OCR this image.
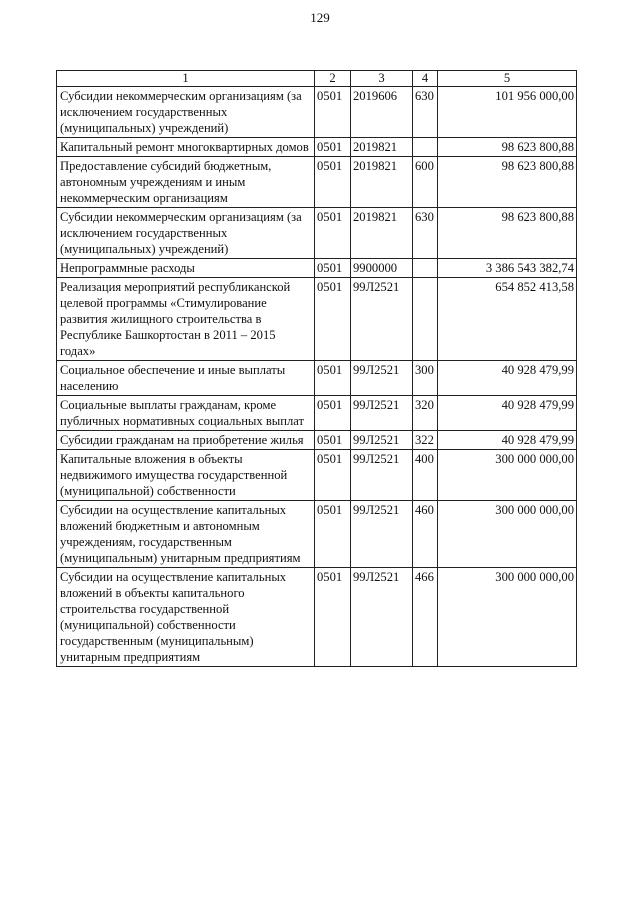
129
1	2	3	4	5
Субсидии некоммерческим организациям (за исключением государственных (муниципальных) учреждений)	0501	2019606	630	101 956 000,00
Капитальный ремонт многоквартирных домов	0501	2019821		98 623 800,88
Предоставление субсидий бюджетным, автономным учреждениям и иным некоммерческим организациям	0501	2019821	600	98 623 800,88
Субсидии некоммерческим организациям (за исключением государственных (муниципальных) учреждений)	0501	2019821	630	98 623 800,88
Непрограммные расходы	0501	9900000		3 386 543 382,74
Реализация мероприятий республиканской целевой программы «Стимулирование развития жилищного строительства в Республике Башкортостан в 2011 – 2015 годах»	0501	99Л2521		654 852 413,58
Социальное обеспечение и иные выплаты населению	0501	99Л2521	300	40 928 479,99
Социальные выплаты гражданам, кроме публичных нормативных социальных выплат	0501	99Л2521	320	40 928 479,99
Субсидии гражданам на приобретение жилья	0501	99Л2521	322	40 928 479,99
Капитальные вложения в объекты недвижимого имущества государственной (муниципальной) собственности	0501	99Л2521	400	300 000 000,00
Субсидии на осуществление капитальных вложений бюджетным и автономным учреждениям, государственным (муниципальным) унитарным предприятиям	0501	99Л2521	460	300 000 000,00
Субсидии на осуществление капитальных вложений в объекты капитального строительства государственной (муниципальной) собственности государственным (муниципальным) унитарным предприятиям	0501	99Л2521	466	300 000 000,00
